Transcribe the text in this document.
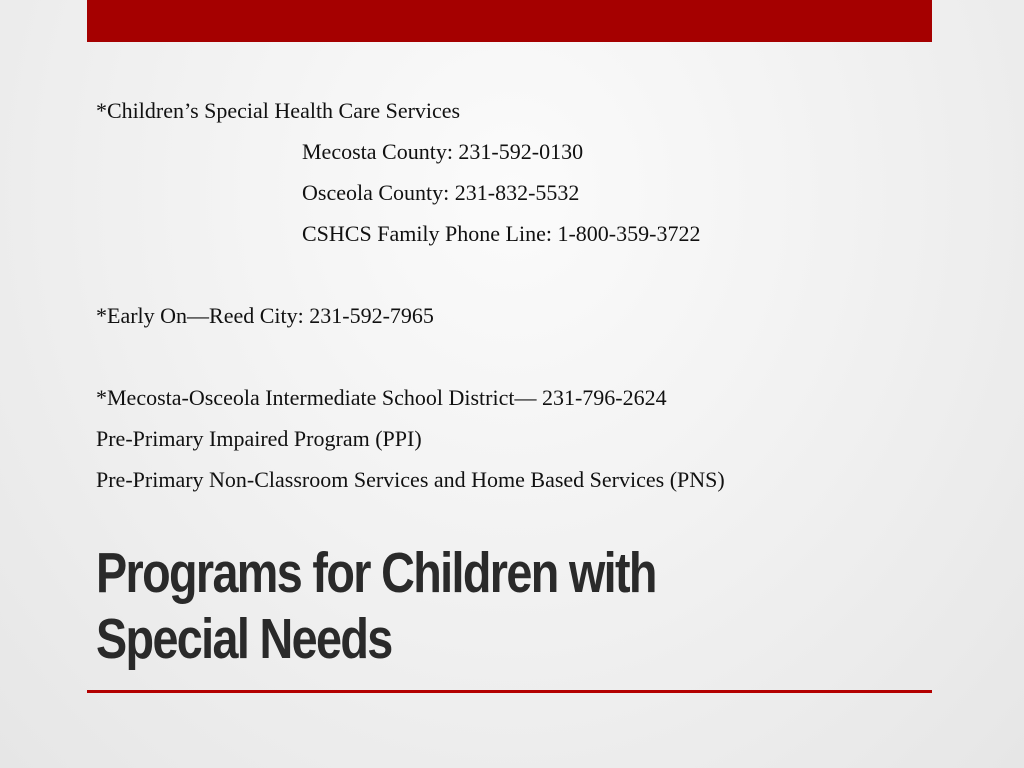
*Children’s Special Health Care Services
Mecosta County: 231-592-0130
Osceola County: 231-832-5532
CSHCS Family Phone Line: 1-800-359-3722
*Early On—Reed City: 231-592-7965
*Mecosta-Osceola Intermediate School District— 231-796-2624
Pre-Primary Impaired Program (PPI)
Pre-Primary Non-Classroom Services and Home Based Services (PNS)
Programs for Children with
Special Needs
